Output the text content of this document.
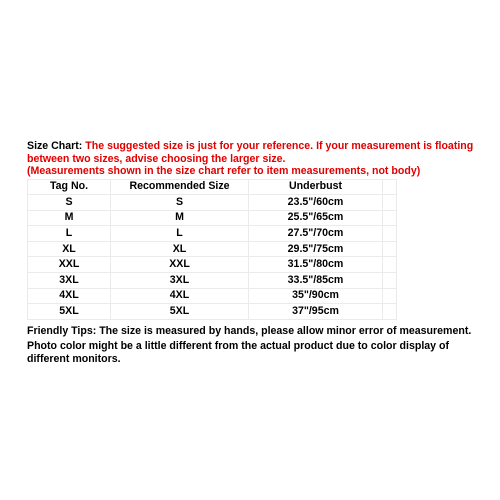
Size Chart: The suggested size is just for your reference. If your measurement is floating between two sizes, advise choosing the larger size.
(Measurements shown in the size chart refer to item measurements, not body)
Tag No.	Recommended Size	Underbust	
S	S	23.5"/60cm	
M	M	25.5"/65cm	
L	L	27.5"/70cm	
XL	XL	29.5"/75cm	
XXL	XXL	31.5"/80cm	
3XL	3XL	33.5"/85cm	
4XL	4XL	35"/90cm	
5XL	5XL	37"/95cm	
Friendly Tips: The size is measured by hands, please allow minor error of measurement.
Photo color might be a little different from the actual product due to color display of different monitors.
